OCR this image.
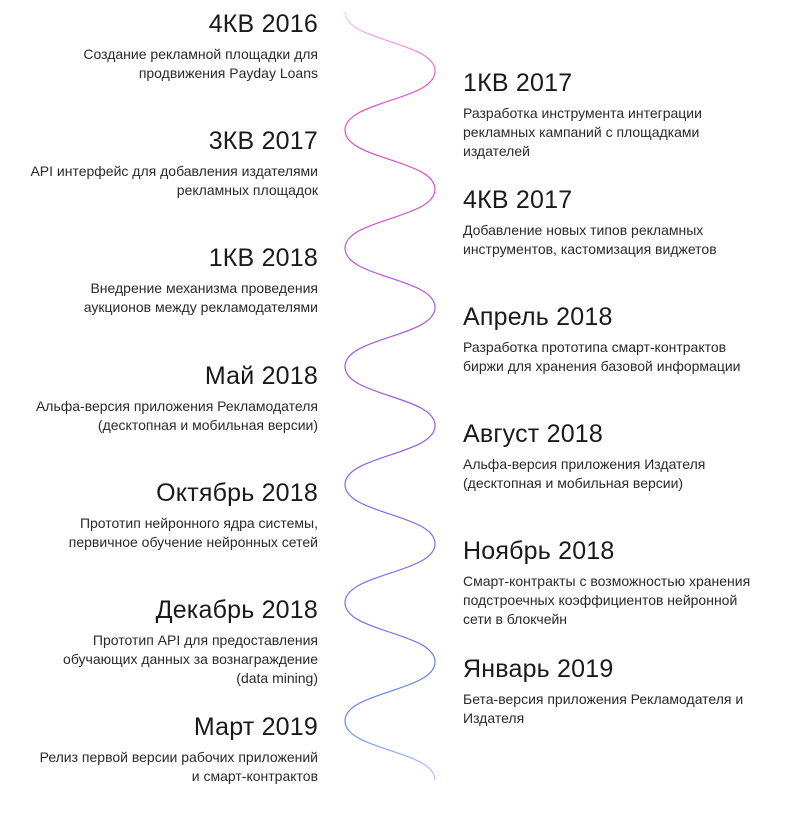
4КВ 2016
Создание рекламной площадки для продвижения Payday Loans	1КВ 2017
Разработка инструмента интеграции рекламных кампаний с площадками издателей
3КВ 2017
API интерфейс для добавления издателями рекламных площадок	4КВ 2017
Добавление новых типов рекламных инструментов, кастомизация виджетов
1КВ 2018
Внедрение механизма проведения аукционов между рекламодателями	Апрель 2018
Разработка прототипа смарт-контрактов биржи для хранения базовой информации
Май 2018
Альфа-версия приложения Рекламодателя (десктопная и мобильная версии)	Август 2018
Альфа-версия приложения Издателя (десктопная и мобильная версии)
Октябрь 2018
Прототип нейронного ядра системы, первичное обучение нейронных сетей	Ноябрь 2018
Смарт-контракты с возможностью хранения подстроечных коэффициентов нейронной сети в блокчейн
Декабрь 2018
Прототип API для предоставления обучающих данных за вознаграждение (data mining)	Январь 2019
Бета-версия приложения Рекламодателя и Издателя
Март 2019
Релиз первой версии рабочих приложений и смарт-контрактов
